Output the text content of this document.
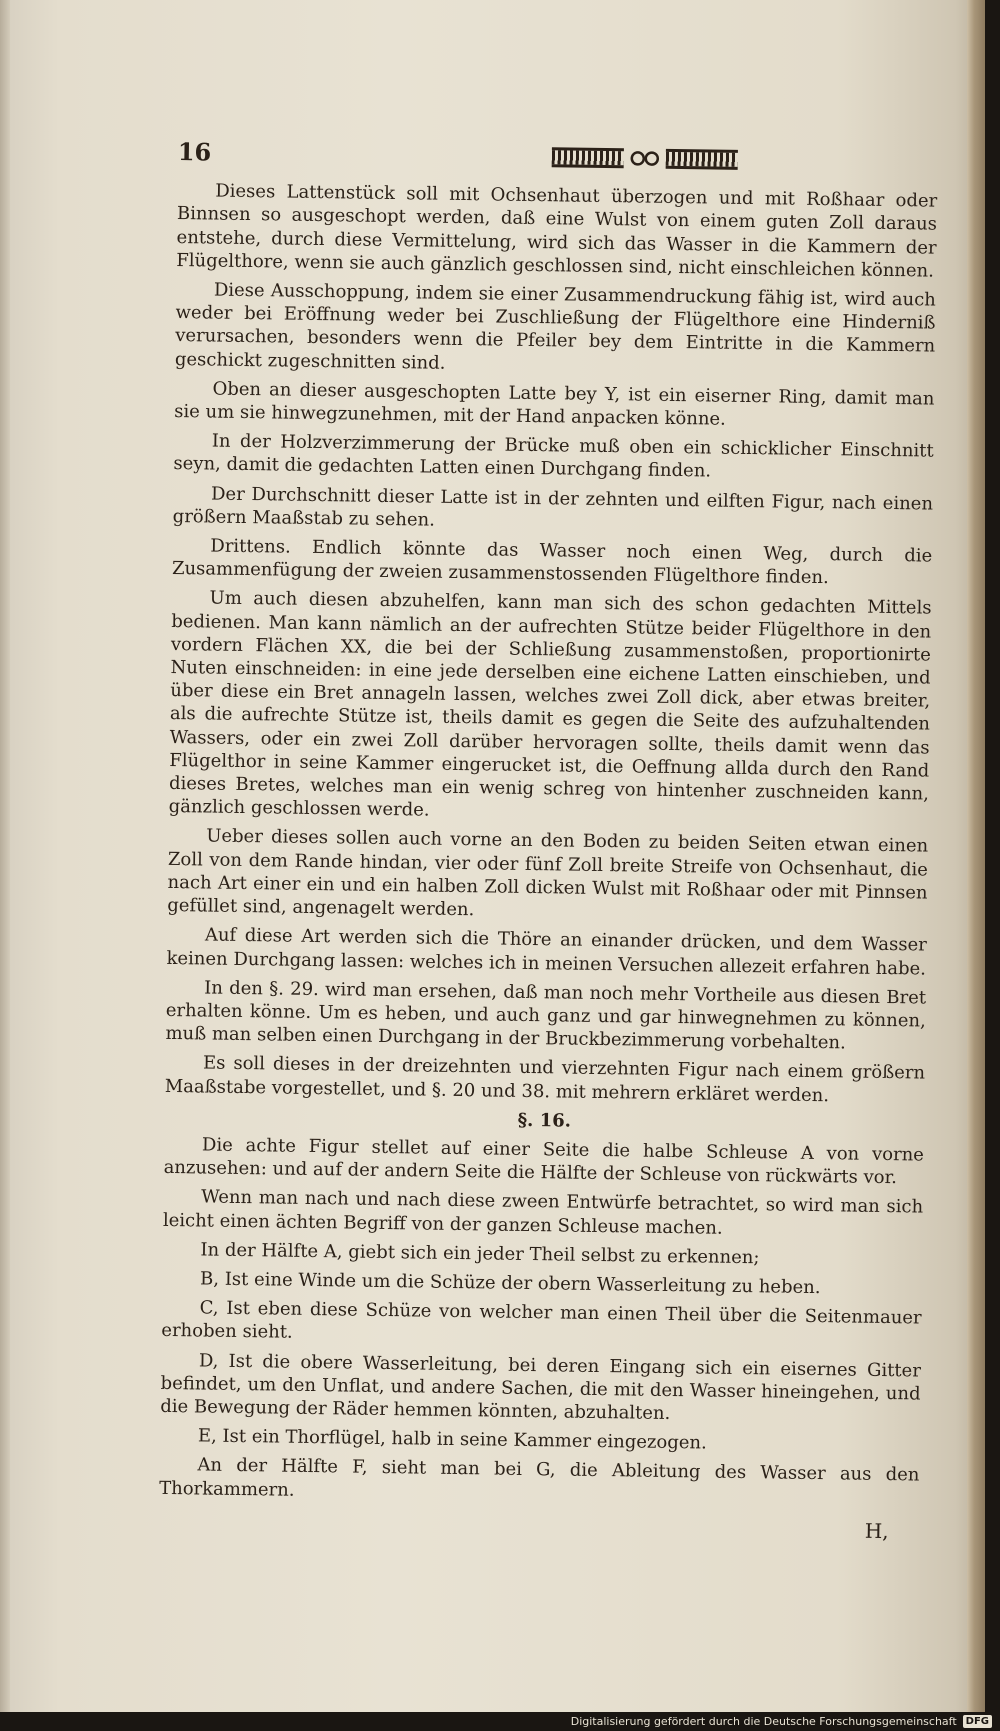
16

Dieses Lattenstück soll mit Ochsenhaut überzogen und mit Roßhaar oder Binnsen so ausgeschopt werden, daß eine Wulst von einem guten Zoll daraus entstehe, durch diese Vermittelung, wird sich das Wasser in die Kammern der Flügelthore, wenn sie auch gänzlich geschlossen sind, nicht einschleichen können.

Diese Ausschoppung, indem sie einer Zusammendruckung fähig ist, wird auch weder bei Eröffnung weder bei Zuschließung der Flügelthore eine Hinderniß verursachen, besonders wenn die Pfeiler bey dem Eintritte in die Kammern geschickt zugeschnitten sind.

Oben an dieser ausgeschopten Latte bey Y, ist ein eiserner Ring, damit man sie um sie hinwegzunehmen, mit der Hand anpacken könne.

In der Holzverzimmerung der Brücke muß oben ein schicklicher Einschnitt seyn, damit die gedachten Latten einen Durchgang finden.

Der Durchschnitt dieser Latte ist in der zehnten und eilften Figur, nach einen größern Maaßstab zu sehen.

Drittens. Endlich könnte das Wasser noch einen Weg, durch die Zusammenfügung der zweien zusammenstossenden Flügelthore finden.

Um auch diesen abzuhelfen, kann man sich des schon gedachten Mittels bedienen. Man kann nämlich an der aufrechten Stütze beider Flügelthore in den vordern Flächen XX, die bei der Schließung zusammenstoßen, proportionirte Nuten einschneiden: in eine jede derselben eine eichene Latten einschieben, und über diese ein Bret annageln lassen, welches zwei Zoll dick, aber etwas breiter, als die aufrechte Stütze ist, theils damit es gegen die Seite des aufzuhaltenden Wassers, oder ein zwei Zoll darüber hervoragen sollte, theils damit wenn das Flügelthor in seine Kammer eingerucket ist, die Oeffnung allda durch den Rand dieses Bretes, welches man ein wenig schreg von hintenher zuschneiden kann, gänzlich geschlossen werde.

Ueber dieses sollen auch vorne an den Boden zu beiden Seiten etwan einen Zoll von dem Rande hindan, vier oder fünf Zoll breite Streife von Ochsenhaut, die nach Art einer ein und ein halben Zoll dicken Wulst mit Roßhaar oder mit Pinnsen gefüllet sind, angenagelt werden.

Auf diese Art werden sich die Thöre an einander drücken, und dem Wasser keinen Durchgang lassen: welches ich in meinen Versuchen allezeit erfahren habe.

In den §. 29. wird man ersehen, daß man noch mehr Vortheile aus diesen Bret erhalten könne. Um es heben, und auch ganz und gar hinwegnehmen zu können, muß man selben einen Durchgang in der Bruckbezimmerung vorbehalten.

Es soll dieses in der dreizehnten und vierzehnten Figur nach einem größern Maaßstabe vorgestellet, und §. 20 und 38. mit mehrern erkläret werden.

§. 16.

Die achte Figur stellet auf einer Seite die halbe Schleuse A von vorne anzusehen: und auf der andern Seite die Hälfte der Schleuse von rückwärts vor.

Wenn man nach und nach diese zween Entwürfe betrachtet, so wird man sich leicht einen ächten Begriff von der ganzen Schleuse machen.

In der Hälfte A, giebt sich ein jeder Theil selbst zu erkennen;

B, Ist eine Winde um die Schüze der obern Wasserleitung zu heben.

C, Ist eben diese Schüze von welcher man einen Theil über die Seitenmauer erhoben sieht.

D, Ist die obere Wasserleitung, bei deren Eingang sich ein eisernes Gitter befindet, um den Unflat, und andere Sachen, die mit den Wasser hineingehen, und die Bewegung der Räder hemmen könnten, abzuhalten.

E, Ist ein Thorflügel, halb in seine Kammer eingezogen.

An der Hälfte F, sieht man bei G, die Ableitung des Wasser aus den Thorkammern.

H,
Digitalisierung gefördert durch die Deutsche Forschungsgemeinschaft DFG
